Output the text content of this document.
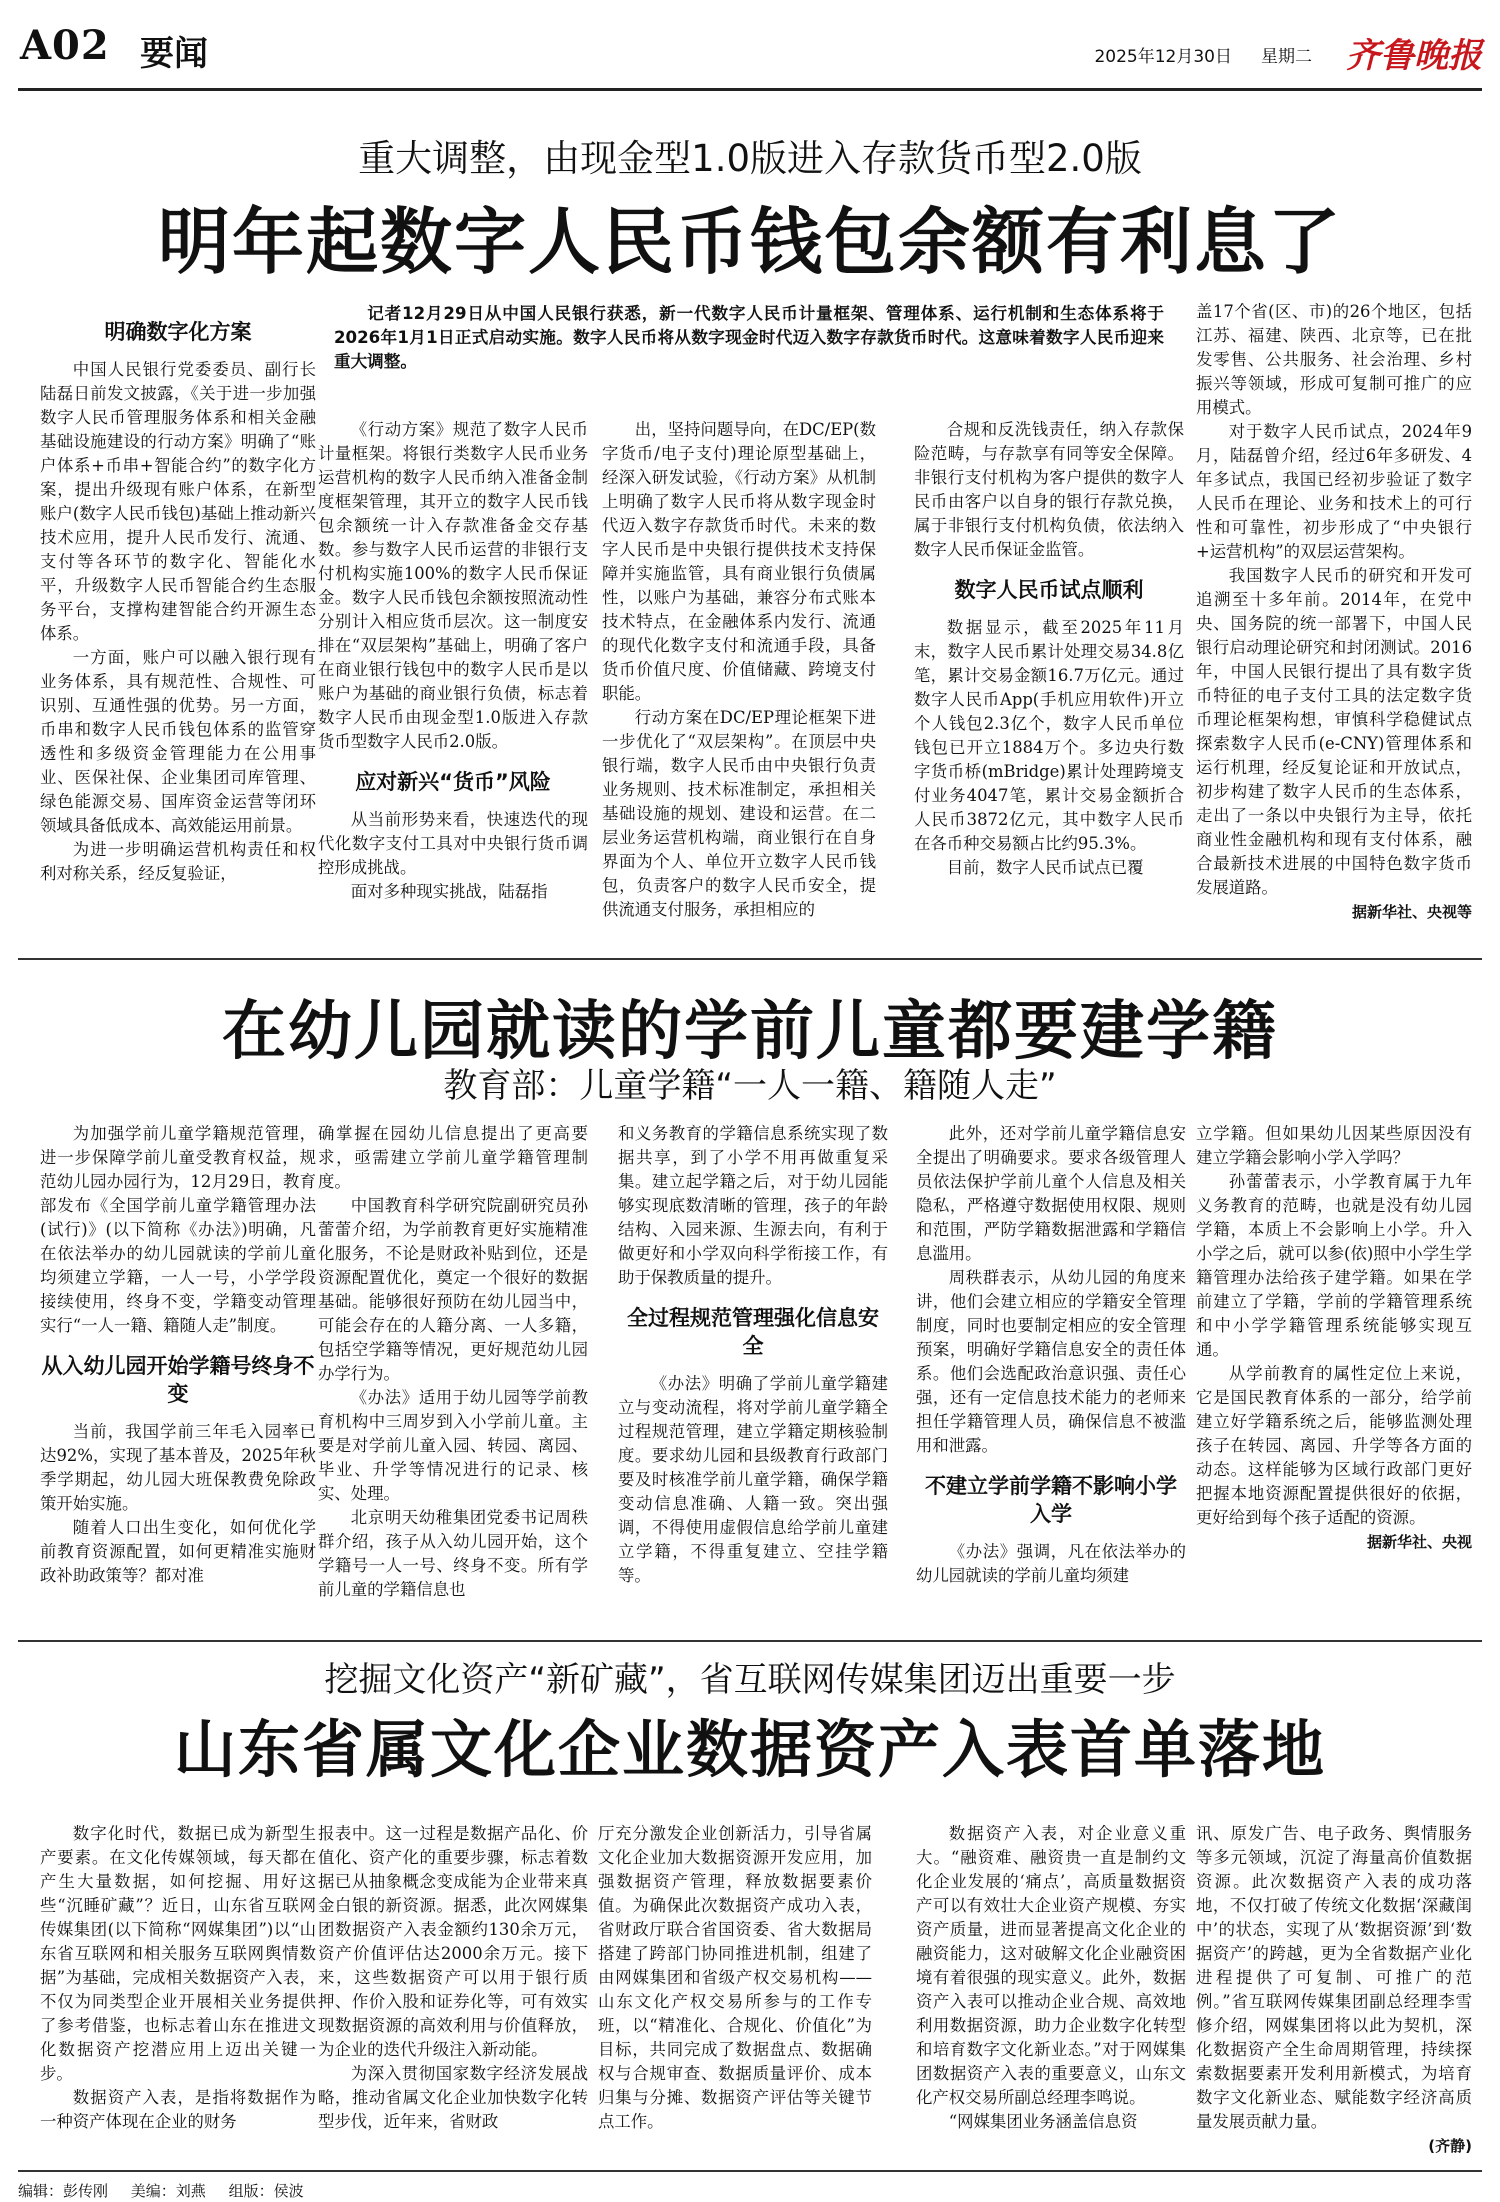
A02 要闻	2025年12月30日 星期二 齐鲁晚报
重大调整，由现金型1.0版进入存款货币型2.0版
明年起数字人民币钱包余额有利息了

记者12月29日从中国人民银行获悉，新一代数字人民币计量框架、管理体系、运行机制和生态体系将于2026年1月1日正式启动实施。数字人民币将从数字现金时代迈入数字存款货币时代。这意味着数字人民币迎来重大调整。

明确数字化方案

中国人民银行党委委员、副行长陆磊日前发文披露，《关于进一步加强数字人民币管理服务体系和相关金融基础设施建设的行动方案》明确了“账户体系+币串+智能合约”的数字化方案，提出升级现有账户体系，在新型账户(数字人民币钱包)基础上推动新兴技术应用，提升人民币发行、流通、支付等各环节的数字化、智能化水平，升级数字人民币智能合约生态服务平台，支撑构建智能合约开源生态体系。

一方面，账户可以融入银行现有业务体系，具有规范性、合规性、可识别、互通性强的优势。另一方面，币串和数字人民币钱包体系的监管穿透性和多级资金管理能力在公用事业、医保社保、企业集团司库管理、绿色能源交易、国库资金运营等闭环领域具备低成本、高效能运用前景。

为进一步明确运营机构责任和权利对称关系，经反复验证，

《行动方案》规范了数字人民币计量框架。将银行类数字人民币业务运营机构的数字人民币纳入准备金制度框架管理，其开立的数字人民币钱包余额统一计入存款准备金交存基数。参与数字人民币运营的非银行支付机构实施100%的数字人民币保证金。数字人民币钱包余额按照流动性分别计入相应货币层次。这一制度安排在“双层架构”基础上，明确了客户在商业银行钱包中的数字人民币是以账户为基础的商业银行负债，标志着数字人民币由现金型1.0版进入存款货币型数字人民币2.0版。

应对新兴“货币”风险

从当前形势来看，快速迭代的现代化数字支付工具对中央银行货币调控形成挑战。

面对多种现实挑战，陆磊指

出，坚持问题导向，在DC/EP(数字货币/电子支付)理论原型基础上，经深入研发试验，《行动方案》从机制上明确了数字人民币将从数字现金时代迈入数字存款货币时代。未来的数字人民币是中央银行提供技术支持保障并实施监管，具有商业银行负债属性，以账户为基础，兼容分布式账本技术特点，在金融体系内发行、流通的现代化数字支付和流通手段，具备货币价值尺度、价值储藏、跨境支付职能。

行动方案在DC/EP理论框架下进一步优化了“双层架构”。在顶层中央银行端，数字人民币由中央银行负责业务规则、技术标准制定，承担相关基础设施的规划、建设和运营。在二层业务运营机构端，商业银行在自身界面为个人、单位开立数字人民币钱包，负责客户的数字人民币安全，提供流通支付服务，承担相应的

合规和反洗钱责任，纳入存款保险范畴，与存款享有同等安全保障。非银行支付机构为客户提供的数字人民币由客户以自身的银行存款兑换，属于非银行支付机构负债，依法纳入数字人民币保证金监管。

数字人民币试点顺利

数据显示，截至2025年11月末，数字人民币累计处理交易34.8亿笔，累计交易金额16.7万亿元。通过数字人民币App(手机应用软件)开立个人钱包2.3亿个，数字人民币单位钱包已开立1884万个。多边央行数字货币桥(mBridge)累计处理跨境支付业务4047笔，累计交易金额折合人民币3872亿元，其中数字人民币在各币种交易额占比约95.3%。

目前，数字人民币试点已覆

盖17个省(区、市)的26个地区，包括江苏、福建、陕西、北京等，已在批发零售、公共服务、社会治理、乡村振兴等领域，形成可复制可推广的应用模式。

对于数字人民币试点，2024年9月，陆磊曾介绍，经过6年多研发、4年多试点，我国已经初步验证了数字人民币在理论、业务和技术上的可行性和可靠性，初步形成了“中央银行+运营机构”的双层运营架构。

我国数字人民币的研究和开发可追溯至十多年前。2014年，在党中央、国务院的统一部署下，中国人民银行启动理论研究和封闭测试。2016年，中国人民银行提出了具有数字货币特征的电子支付工具的法定数字货币理论框架构想，审慎科学稳健试点探索数字人民币(e-CNY)管理体系和运行机理，经反复论证和开放试点，初步构建了数字人民币的生态体系，走出了一条以中央银行为主导，依托商业性金融机构和现有支付体系，融合最新技术进展的中国特色数字货币发展道路。

据新华社、央视等

在幼儿园就读的学前儿童都要建学籍
教育部：儿童学籍“一人一籍、籍随人走”

为加强学前儿童学籍规范管理，进一步保障学前儿童受教育权益，规范幼儿园办园行为，12月29日，教育部发布《全国学前儿童学籍管理办法(试行)》(以下简称《办法》)明确，凡在依法举办的幼儿园就读的学前儿童均须建立学籍，一人一号，小学学段接续使用，终身不变，学籍变动管理实行“一人一籍、籍随人走”制度。

从入幼儿园开始学籍号终身不变

当前，我国学前三年毛入园率已达92%，实现了基本普及，2025年秋季学期起，幼儿园大班保教费免除政策开始实施。

随着人口出生变化，如何优化学前教育资源配置，如何更精准实施财政补助政策等？都对准

确掌握在园幼儿信息提出了更高要求，亟需建立学前儿童学籍管理制度。

中国教育科学研究院副研究员孙蕾蕾介绍，为学前教育更好实施精准化服务，不论是财政补贴到位，还是资源配置优化，奠定一个很好的数据基础。能够很好预防在幼儿园当中，可能会存在的人籍分离、一人多籍，包括空学籍等情况，更好规范幼儿园办学行为。

《办法》适用于幼儿园等学前教育机构中三周岁到入小学前儿童。主要是对学前儿童入园、转园、离园、毕业、升学等情况进行的记录、核实、处理。

北京明天幼稚集团党委书记周秩群介绍，孩子从入幼儿园开始，这个学籍号一人一号、终身不变。所有学前儿童的学籍信息也

和义务教育的学籍信息系统实现了数据共享，到了小学不用再做重复采集。建立起学籍之后，对于幼儿园能够实现底数清晰的管理，孩子的年龄结构、入园来源、生源去向，有利于做更好和小学双向科学衔接工作，有助于保教质量的提升。

全过程规范管理强化信息安全

《办法》明确了学前儿童学籍建立与变动流程，将对学前儿童学籍全过程规范管理，建立学籍定期核验制度。要求幼儿园和县级教育行政部门要及时核准学前儿童学籍，确保学籍变动信息准确、人籍一致。突出强调，不得使用虚假信息给学前儿童建立学籍，不得重复建立、空挂学籍等。

此外，还对学前儿童学籍信息安全提出了明确要求。要求各级管理人员依法保护学前儿童个人信息及相关隐私，严格遵守数据使用权限、规则和范围，严防学籍数据泄露和学籍信息滥用。

周秩群表示，从幼儿园的角度来讲，他们会建立相应的学籍安全管理制度，同时也要制定相应的安全管理预案，明确好学籍信息安全的责任体系。他们会选配政治意识强、责任心强，还有一定信息技术能力的老师来担任学籍管理人员，确保信息不被滥用和泄露。

不建立学前学籍不影响小学入学

《办法》强调，凡在依法举办的幼儿园就读的学前儿童均须建

立学籍。但如果幼儿因某些原因没有建立学籍会影响小学入学吗？

孙蕾蕾表示，小学教育属于九年义务教育的范畴，也就是没有幼儿园学籍，本质上不会影响上小学。升入小学之后，就可以参(依)照中小学生学籍管理办法给孩子建学籍。如果在学前建立了学籍，学前的学籍管理系统和中小学学籍管理系统能够实现互通。

从学前教育的属性定位上来说，它是国民教育体系的一部分，给学前建立好学籍系统之后，能够监测处理孩子在转园、离园、升学等各方面的动态。这样能够为区域行政部门更好把握本地资源配置提供很好的依据，更好给到每个孩子适配的资源。

据新华社、央视

挖掘文化资产“新矿藏”，省互联网传媒集团迈出重要一步
山东省属文化企业数据资产入表首单落地

数字化时代，数据已成为新型生产要素。在文化传媒领域，每天都在产生大量数据，如何挖掘、用好这些“沉睡矿藏”？近日，山东省互联网传媒集团(以下简称“网媒集团”)以“山东省互联网和相关服务互联网舆情数据”为基础，完成相关数据资产入表，不仅为同类型企业开展相关业务提供了参考借鉴，也标志着山东在推进文化数据资产挖潜应用上迈出关键一步。

数据资产入表，是指将数据作为一种资产体现在企业的财务

报表中。这一过程是数据产品化、价值化、资产化的重要步骤，标志着数据已从抽象概念变成能为企业带来真金白银的新资源。据悉，此次网媒集团数据资产入表金额约130余万元，资产价值评估达2000余万元。接下来，这些数据资产可以用于银行质押、作价入股和证券化等，可有效实现数据资源的高效利用与价值释放，为企业的迭代升级注入新动能。

为深入贯彻国家数字经济发展战略，推动省属文化企业加快数字化转型步伐，近年来，省财政

厅充分激发企业创新活力，引导省属文化企业加大数据资源开发应用，加强数据资产管理，释放数据要素价值。为确保此次数据资产成功入表，省财政厅联合省国资委、省大数据局搭建了跨部门协同推进机制，组建了由网媒集团和省级产权交易机构——山东文化产权交易所参与的工作专班，以“精准化、合规化、价值化”为目标，共同完成了数据盘点、数据确权与合规审查、数据质量评价、成本归集与分摊、数据资产评估等关键节点工作。

数据资产入表，对企业意义重大。“融资难、融资贵一直是制约文化企业发展的‘痛点’，高质量数据资产可以有效壮大企业资产规模、夯实资产质量，进而显著提高文化企业的融资能力，这对破解文化企业融资困境有着很强的现实意义。此外，数据资产入表可以推动企业合规、高效地利用数据资源，助力企业数字化转型和培育数字文化新业态。”对于网媒集团数据资产入表的重要意义，山东文化产权交易所副总经理李鸣说。

“网媒集团业务涵盖信息资

讯、原发广告、电子政务、舆情服务等多元领域，沉淀了海量高价值数据资源。此次数据资产入表的成功落地，不仅打破了传统文化数据‘深藏闺中’的状态，实现了从‘数据资源’到‘数据资产’的跨越，更为全省数据产业化进程提供了可复制、可推广的范例。”省互联网传媒集团副总经理李雪修介绍，网媒集团将以此为契机，深化数据资产全生命周期管理，持续探索数据要素开发利用新模式，为培育数字文化新业态、赋能数字经济高质量发展贡献力量。

(齐静)

编辑：彭传刚 美编：刘燕 组版：侯波
